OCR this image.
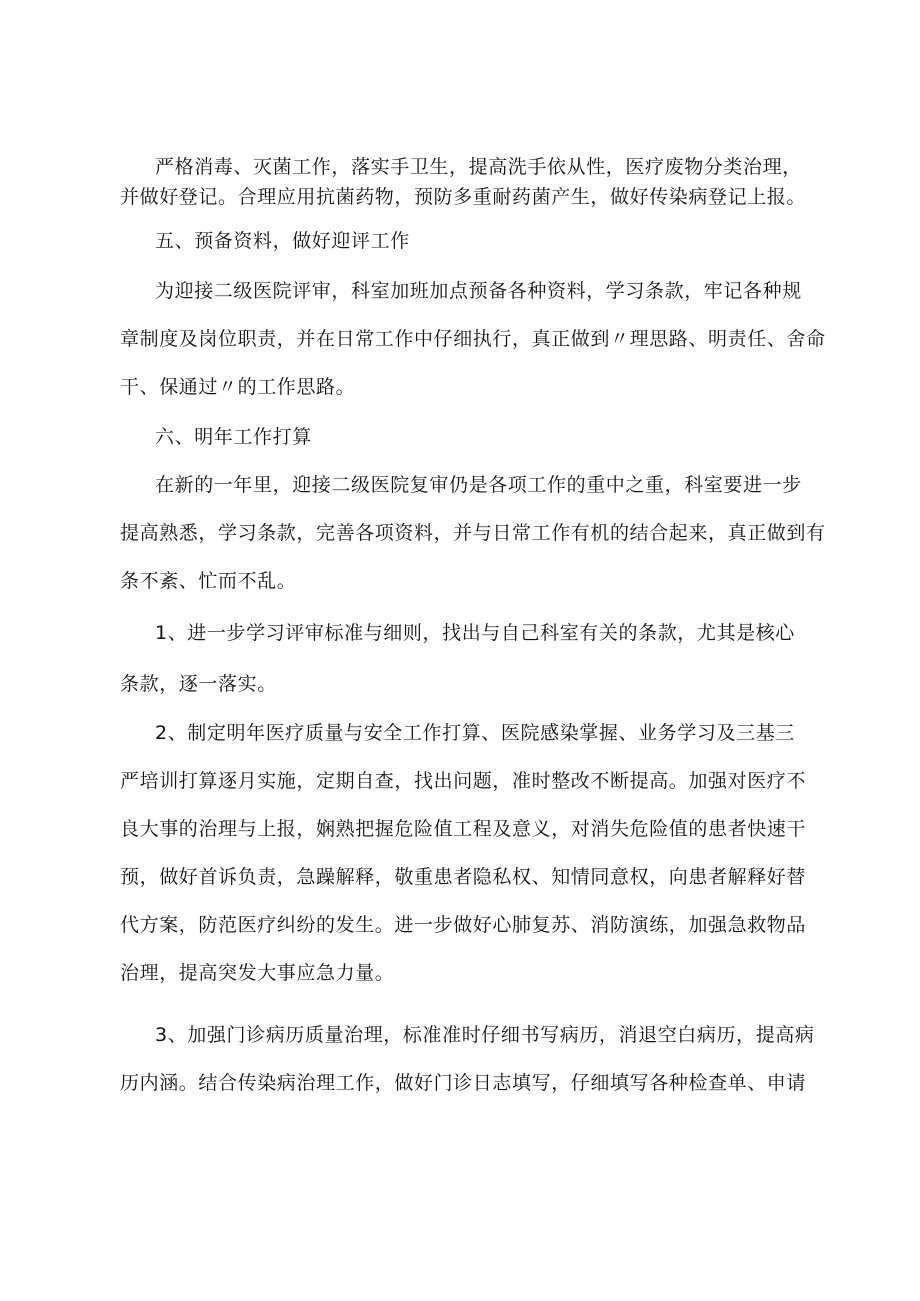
严格消毒、灭菌工作，落实手卫生，提高洗手依从性，医疗废物分类治理，
并做好登记。合理应用抗菌药物，预防多重耐药菌产生，做好传染病登记上报。
五、预备资料，做好迎评工作
为迎接二级医院评审，科室加班加点预备各种资料，学习条款，牢记各种规
章制度及岗位职责，并在日常工作中仔细执行，真正做到〃理思路、明责任、舍命
干、保通过〃的工作思路。
六、明年工作打算
在新的一年里，迎接二级医院复审仍是各项工作的重中之重，科室要进一步
提高熟悉，学习条款，完善各项资料，并与日常工作有机的结合起来，真正做到有
条不紊、忙而不乱。
1、进一步学习评审标准与细则，找出与自己科室有关的条款，尤其是核心
条款，逐一落实。
2、制定明年医疗质量与安全工作打算、医院感染掌握、业务学习及三基三
严培训打算逐月实施，定期自查，找出问题，准时整改不断提高。加强对医疗不
良大事的治理与上报，娴熟把握危险值工程及意义，对消失危险值的患者快速干
预，做好首诉负责，急躁解释，敬重患者隐私权、知情同意权，向患者解释好替
代方案，防范医疗纠纷的发生。进一步做好心肺复苏、消防演练，加强急救物品
治理，提高突发大事应急力量。
3、加强门诊病历质量治理，标准准时仔细书写病历，消退空白病历，提高病
历内涵。结合传染病治理工作，做好门诊日志填写，仔细填写各种检查单、申请
